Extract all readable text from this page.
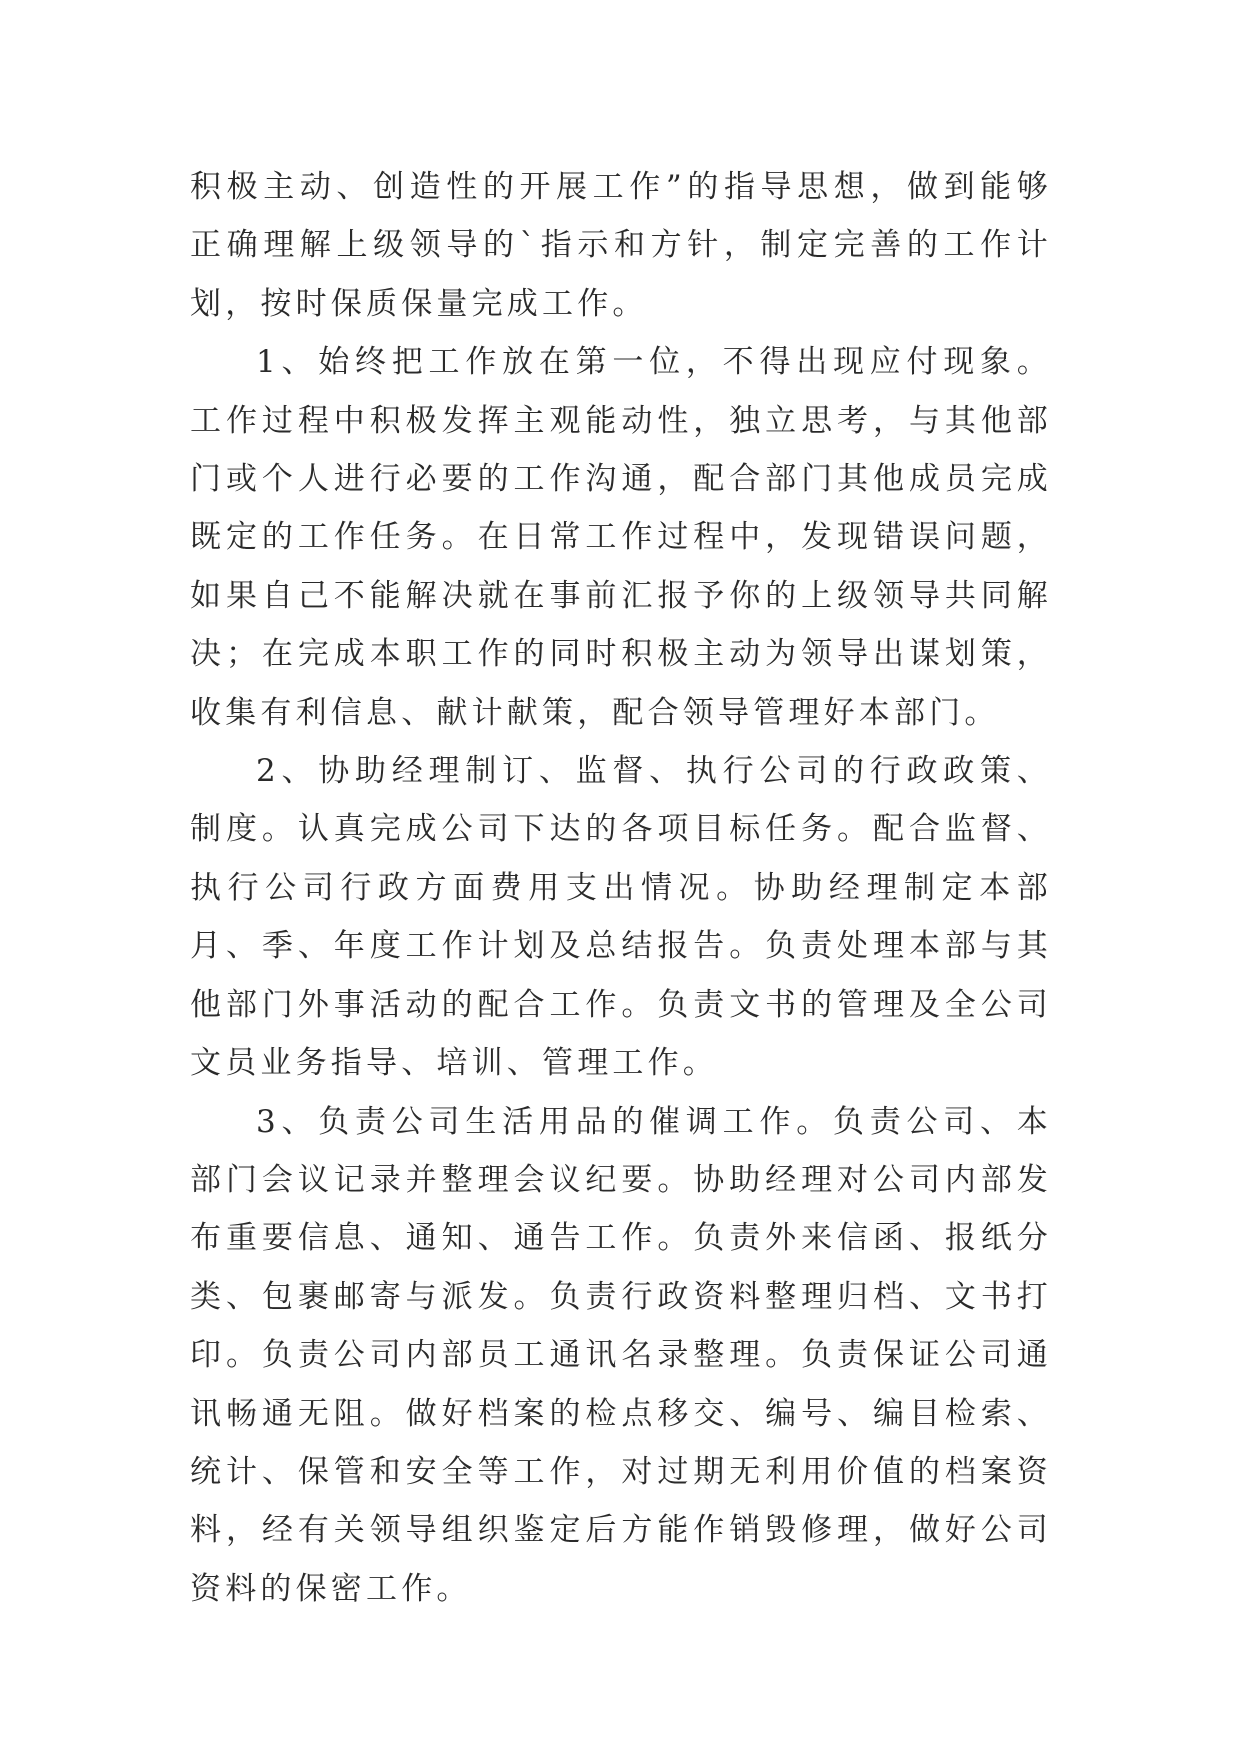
积极主动、创造性的开展工作”的指导思想，做到能够正确理解上级领导的`指示和方针，制定完善的工作计划，按时保质保量完成工作。

1、始终把工作放在第一位，不得出现应付现象。工作过程中积极发挥主观能动性，独立思考，与其他部门或个人进行必要的工作沟通，配合部门其他成员完成既定的工作任务。在日常工作过程中，发现错误问题，如果自己不能解决就在事前汇报予你的上级领导共同解决；在完成本职工作的同时积极主动为领导出谋划策，收集有利信息、献计献策，配合领导管理好本部门。

2、协助经理制订、监督、执行公司的行政政策、制度。认真完成公司下达的各项目标任务。配合监督、执行公司行政方面费用支出情况。协助经理制定本部月、季、年度工作计划及总结报告。负责处理本部与其他部门外事活动的配合工作。负责文书的管理及全公司文员业务指导、培训、管理工作。

3、负责公司生活用品的催调工作。负责公司、本部门会议记录并整理会议纪要。协助经理对公司内部发布重要信息、通知、通告工作。负责外来信函、报纸分类、包裹邮寄与派发。负责行政资料整理归档、文书打印。负责公司内部员工通讯名录整理。负责保证公司通讯畅通无阻。做好档案的检点移交、编号、编目检索、统计、保管和安全等工作，对过期无利用价值的档案资料，经有关领导组织鉴定后方能作销毁修理，做好公司资料的保密工作。
